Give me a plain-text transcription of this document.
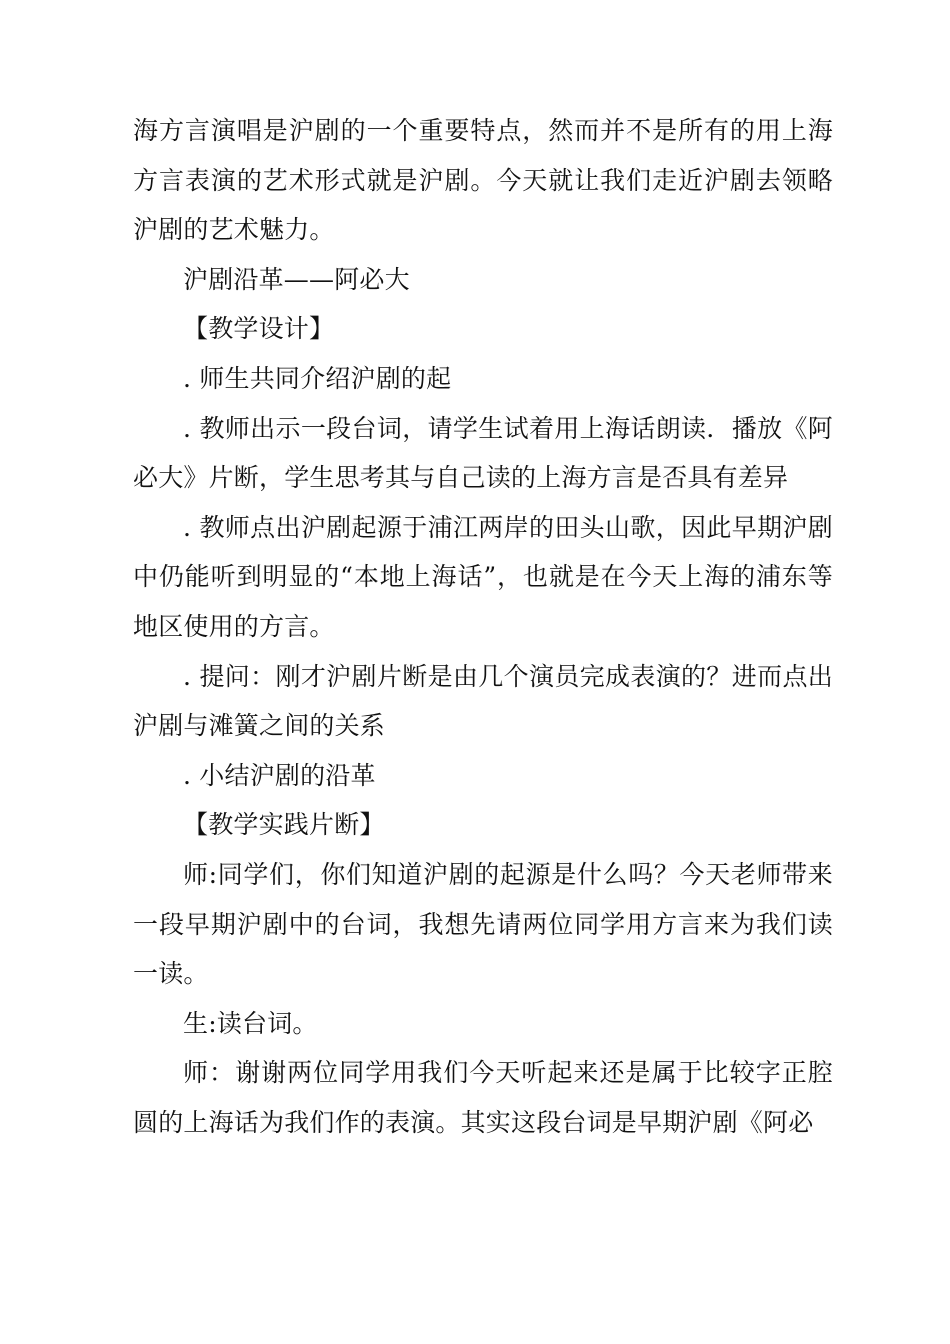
海方言演唱是沪剧的一个重要特点，然而并不是所有的用上海方言表演的艺术形式就是沪剧。今天就让我们走近沪剧去领略沪剧的艺术魅力。

沪剧沿革——阿必大

【教学设计】

. 师生共同介绍沪剧的起

. 教师出示一段台词，请学生试着用上海话朗读．播放《阿必大》片断，学生思考其与自己读的上海方言是否具有差异

. 教师点出沪剧起源于浦江两岸的田头山歌，因此早期沪剧中仍能听到明显的“本地上海话”，也就是在今天上海的浦东等地区使用的方言。

. 提问：刚才沪剧片断是由几个演员完成表演的？进而点出沪剧与滩簧之间的关系

. 小结沪剧的沿革

【教学实践片断】

师:同学们，你们知道沪剧的起源是什么吗？今天老师带来一段早期沪剧中的台词，我想先请两位同学用方言来为我们读一读。

生:读台词。

师：谢谢两位同学用我们今天听起来还是属于比较字正腔圆的上海话为我们作的表演。其实这段台词是早期沪剧《阿必
